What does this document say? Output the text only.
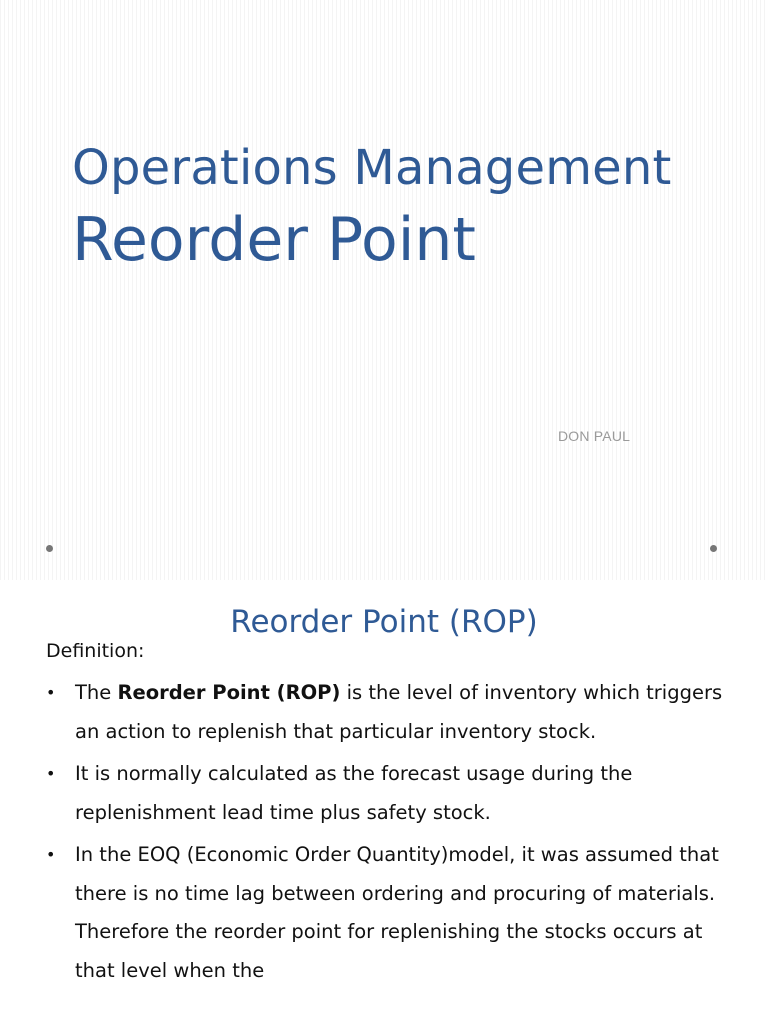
Operations Management
Reorder Point
DON PAUL
Reorder Point (ROP)
Definition:
• The Reorder Point (ROP) is the level of inventory which triggers an action to replenish that particular inventory stock.
• It is normally calculated as the forecast usage during the replenishment lead time plus safety stock.
• In the EOQ (Economic Order Quantity)model, it was assumed that there is no time lag between ordering and procuring of materials. Therefore the reorder point for replenishing the stocks occurs at that level when the
